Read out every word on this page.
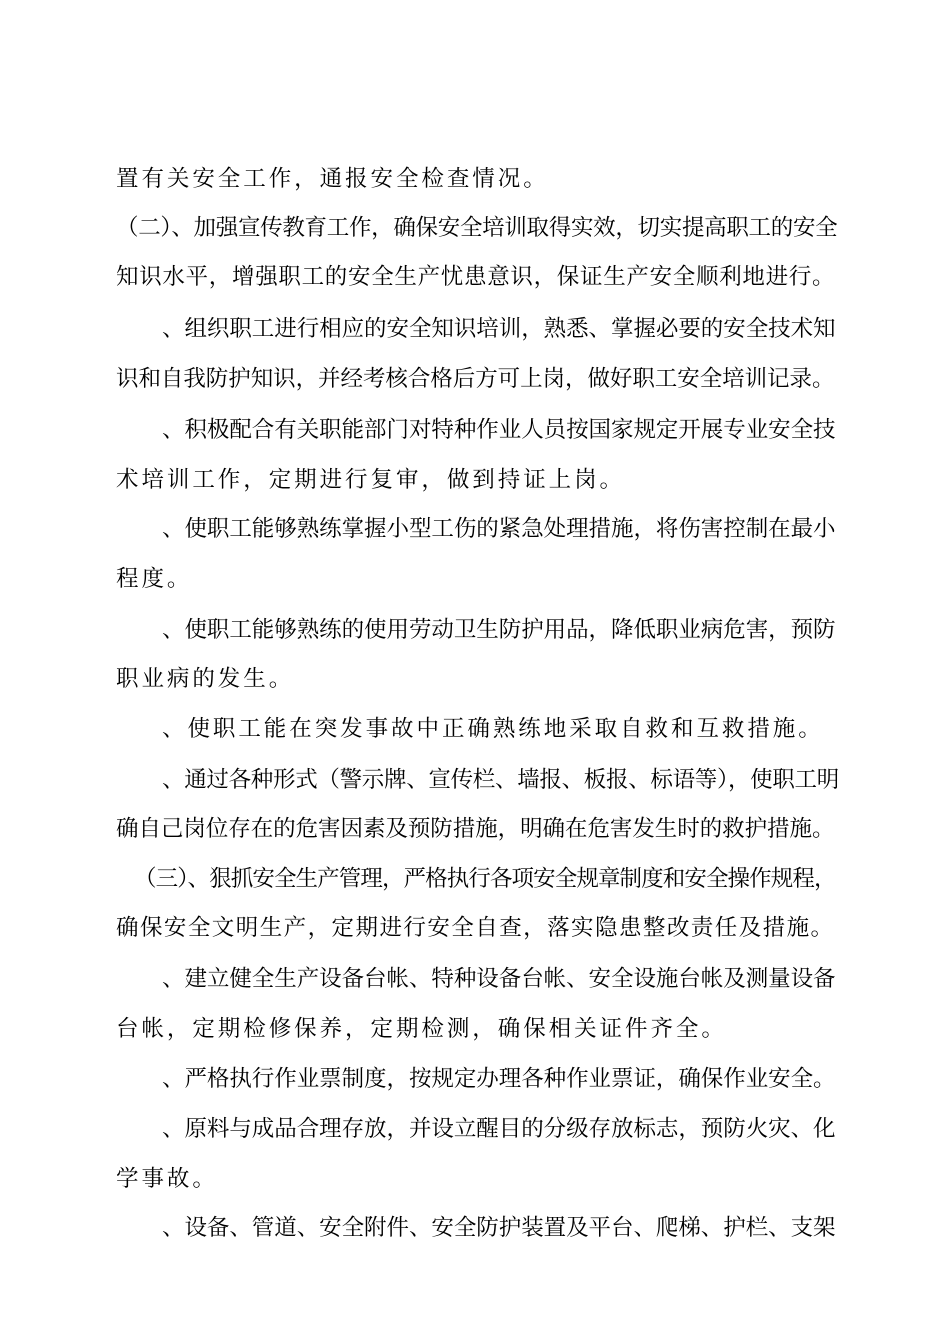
置有关安全工作，通报安全检查情况。
（二）、加强宣传教育工作，确保安全培训取得实效，切实提高职工的安全
知识水平，增强职工的安全生产忧患意识，保证生产安全顺利地进行。
、组织职工进行相应的安全知识培训，熟悉、掌握必要的安全技术知
识和自我防护知识，并经考核合格后方可上岗，做好职工安全培训记录。
、积极配合有关职能部门对特种作业人员按国家规定开展专业安全技
术培训工作，定期进行复审，做到持证上岗。
、使职工能够熟练掌握小型工伤的紧急处理措施，将伤害控制在最小
程度。
、使职工能够熟练的使用劳动卫生防护用品，降低职业病危害，预防
职业病的发生。
、使职工能在突发事故中正确熟练地采取自救和互救措施。
、通过各种形式（警示牌、宣传栏、墙报、板报、标语等），使职工明
确自己岗位存在的危害因素及预防措施，明确在危害发生时的救护措施。
（三）、狠抓安全生产管理，严格执行各项安全规章制度和安全操作规程，
确保安全文明生产，定期进行安全自查，落实隐患整改责任及措施。
、建立健全生产设备台帐、特种设备台帐、安全设施台帐及测量设备
台帐，定期检修保养，定期检测，确保相关证件齐全。
、严格执行作业票制度，按规定办理各种作业票证，确保作业安全。
、原料与成品合理存放，并设立醒目的分级存放标志，预防火灾、化
学事故。
、设备、管道、安全附件、安全防护装置及平台、爬梯、护栏、支架
